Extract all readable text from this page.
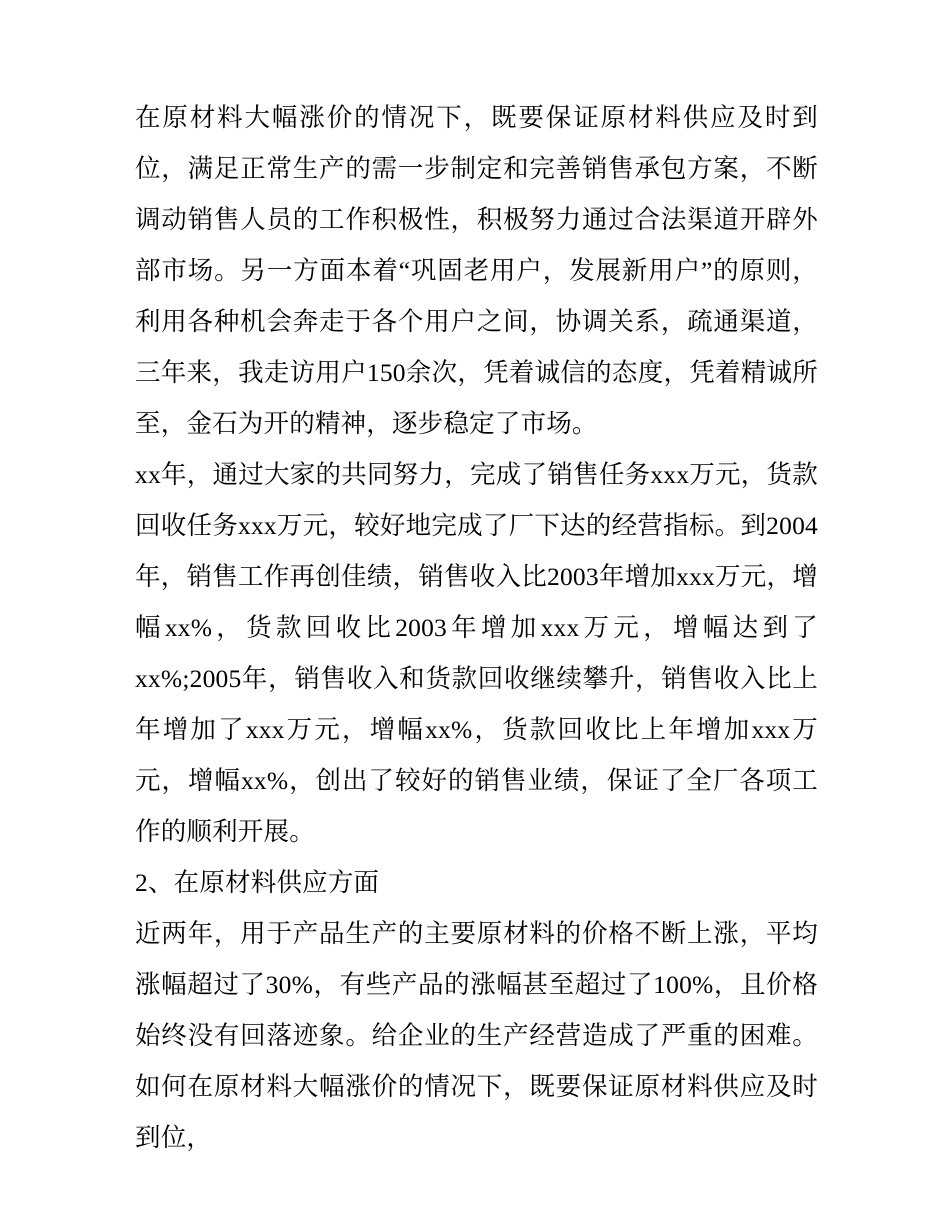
在原材料大幅涨价的情况下，既要保证原材料供应及时到位，满足正常生产的需一步制定和完善销售承包方案，不断调动销售人员的工作积极性，积极努力通过合法渠道开辟外部市场。另一方面本着“巩固老用户，发展新用户”的原则，利用各种机会奔走于各个用户之间，协调关系，疏通渠道，三年来，我走访用户150余次，凭着诚信的态度，凭着精诚所至，金石为开的精神，逐步稳定了市场。

xx年，通过大家的共同努力，完成了销售任务xxx万元，货款回收任务xxx万元，较好地完成了厂下达的经营指标。到2004年，销售工作再创佳绩，销售收入比2003年增加xxx万元，增幅xx%，货款回收比2003年增加xxx万元，增幅达到了xx%;2005年，销售收入和货款回收继续攀升，销售收入比上年增加了xxx万元，增幅xx%，货款回收比上年增加xxx万元，增幅xx%，创出了较好的销售业绩，保证了全厂各项工作的顺利开展。

2、在原材料供应方面

近两年，用于产品生产的主要原材料的价格不断上涨，平均涨幅超过了30%，有些产品的涨幅甚至超过了100%，且价格始终没有回落迹象。给企业的生产经营造成了严重的困难。如何在原材料大幅涨价的情况下，既要保证原材料供应及时到位，
